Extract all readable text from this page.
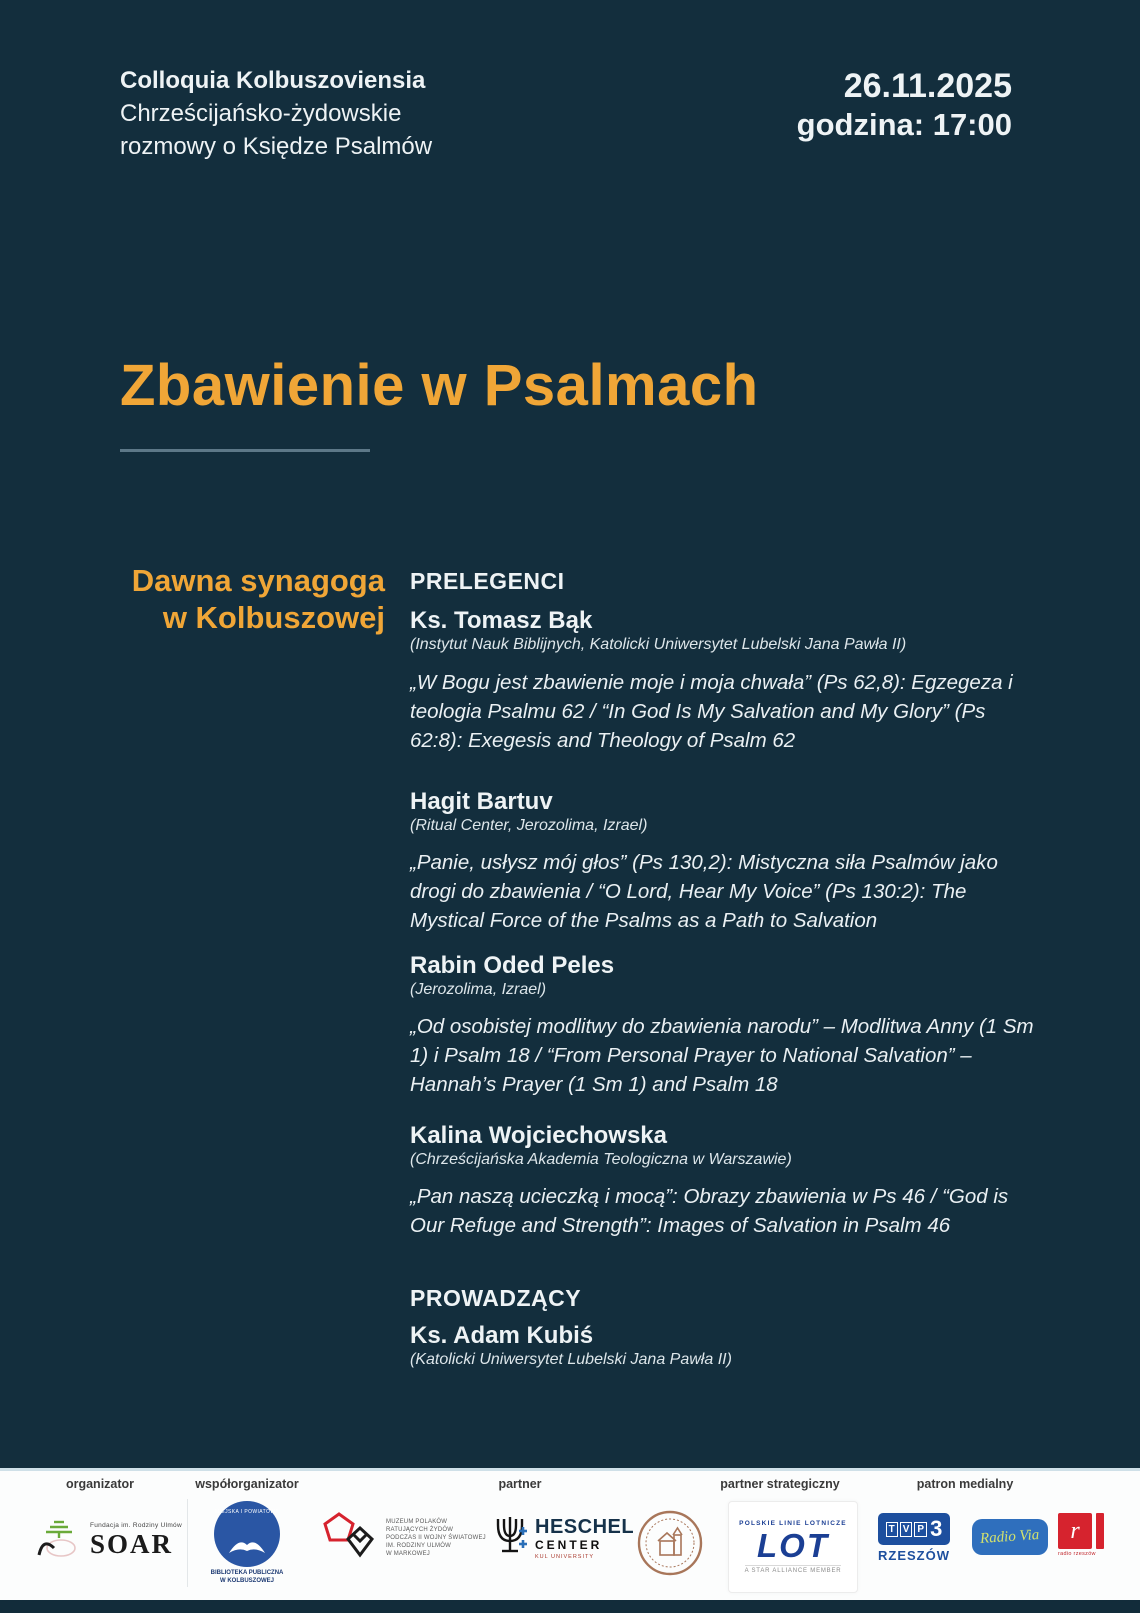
Colloquia Kolbuszoviensia
Chrześcijańsko-żydowskie
rozmowy o Księdze Psalmów
26.11.2025
godzina: 17:00
Zbawienie w Psalmach
Dawna synagoga
w Kolbuszowej
PRELEGENCI
Ks. Tomasz Bąk
(Instytut Nauk Biblijnych, Katolicki Uniwersytet Lubelski Jana Pawła II)
„W Bogu jest zbawienie moje i moja chwała” (Ps 62,8): Egzegeza i teologia Psalmu 62 / “In God Is My Salvation and My Glory” (Ps 62:8): Exegesis and Theology of Psalm 62
Hagit Bartuv
(Ritual Center, Jerozolima, Izrael)
„Panie, usłysz mój głos” (Ps 130,2): Mistyczna siła Psalmów jako drogi do zbawienia / “O Lord, Hear My Voice” (Ps 130:2): The Mystical Force of the Psalms as a Path to Salvation
Rabin Oded Peles
(Jerozolima, Izrael)
„Od osobistej modlitwy do zbawienia narodu” – Modlitwa Anny (1 Sm 1) i Psalm 18 / “From Personal Prayer to National Salvation” – Hannah’s Prayer (1 Sm 1) and Psalm 18
Kalina Wojciechowska
(Chrześcijańska Akademia Teologiczna w Warszawie)
„Pan naszą ucieczką i mocą”: Obrazy zbawienia w Ps 46 / “God is Our Refuge and Strength”: Images of Salvation in Psalm 46
PROWADZĄCY
Ks. Adam Kubiś
(Katolicki Uniwersytet Lubelski Jana Pawła II)
organizator	współorganizator	partner	partner strategiczny	patron medialny
Fundacja im. Rodziny Ulmów
SOAR
MIEJSKA I POWIATOWA
BIBLIOTEKA PUBLICZNA
W KOLBUSZOWEJ
MUZEUM POLAKÓW
RATUJĄCYCH ŻYDÓW
PODCZAS II WOJNY ŚWIATOWEJ
IM. RODZINY ULMÓW
W MARKOWEJ
HESCHEL
CENTER
KUL UNIVERSITY
POLSKIE LINIE LOTNICZE
LOT
A STAR ALLIANCE MEMBER
T V P 3
RZESZÓW
Radio Via r
radio rzeszów
